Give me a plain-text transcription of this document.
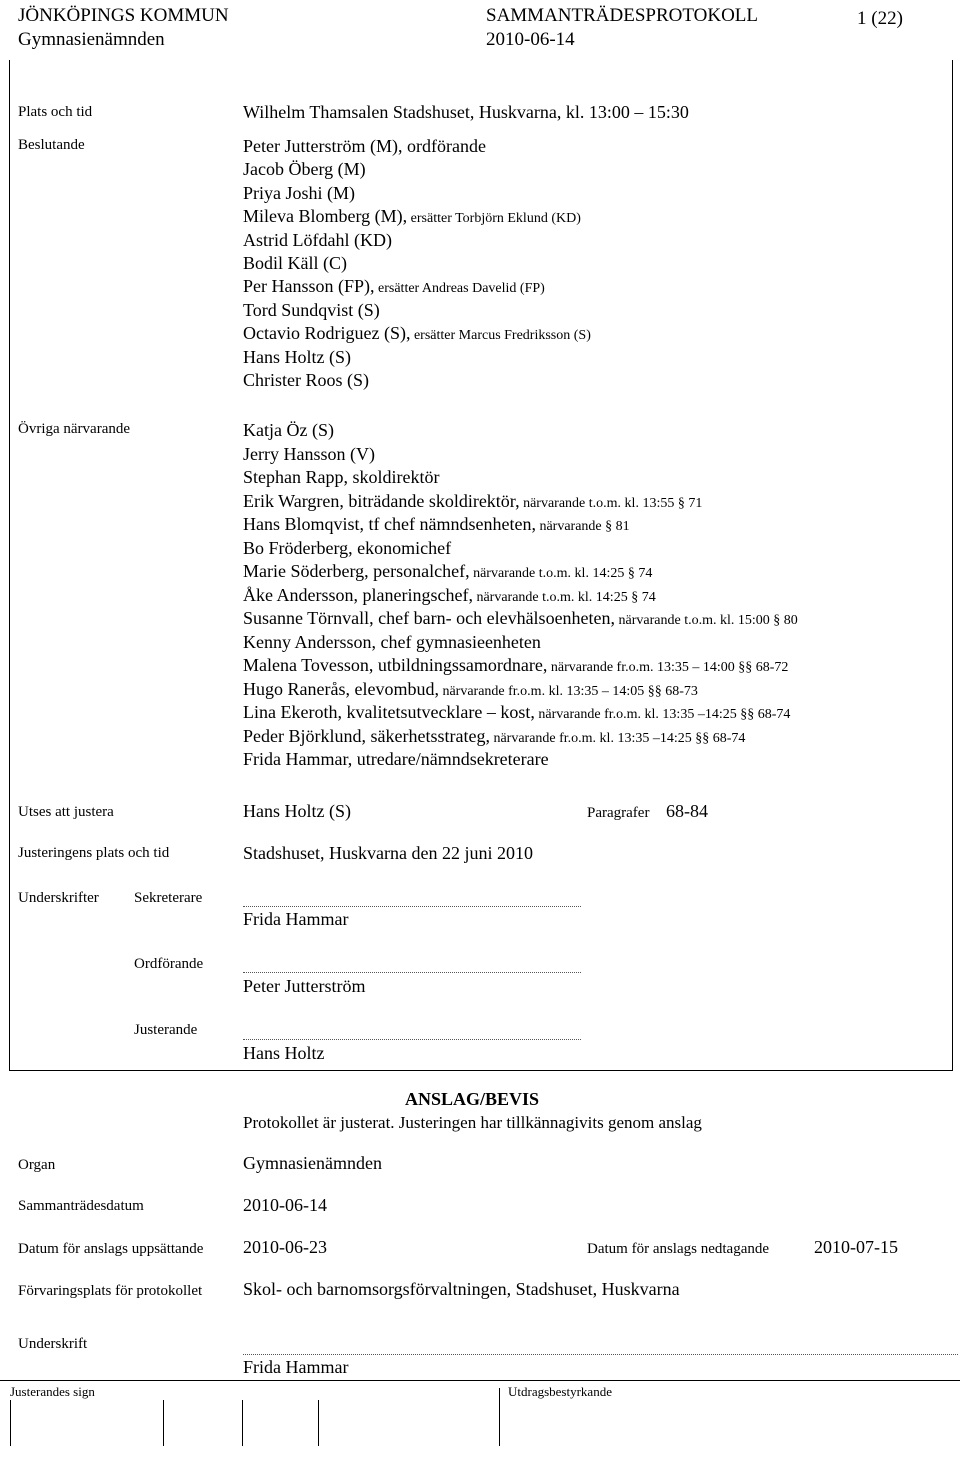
JÖNKÖPINGS KOMMUN
Gymnasienämnden
SAMMANTRÄDESPROTOKOLL
2010-06-14
1 (22)
Plats och tid	Wilhelm Thamsalen Stadshuset, Huskvarna, kl. 13:00 – 15:30
Beslutande	Peter Jutterström (M), ordförande
Jacob Öberg (M)
Priya Joshi (M)
Mileva Blomberg (M), ersätter Torbjörn Eklund (KD)
Astrid Löfdahl (KD)
Bodil Käll (C)
Per Hansson (FP), ersätter Andreas Davelid (FP)
Tord Sundqvist (S)
Octavio Rodriguez (S), ersätter Marcus Fredriksson (S)
Hans Holtz (S)
Christer Roos (S)
Övriga närvarande	Katja Öz (S)
Jerry Hansson (V)
Stephan Rapp, skoldirektör
Erik Wargren, biträdande skoldirektör, närvarande t.o.m. kl. 13:55 § 71
Hans Blomqvist, tf chef nämndsenheten, närvarande § 81
Bo Fröderberg, ekonomichef
Marie Söderberg, personalchef, närvarande t.o.m. kl. 14:25 § 74
Åke Andersson, planeringschef, närvarande t.o.m. kl. 14:25 § 74
Susanne Törnvall, chef barn- och elevhälsoenheten, närvarande t.o.m. kl. 15:00 § 80
Kenny Andersson, chef gymnasieenheten
Malena Tovesson, utbildningssamordnare, närvarande fr.o.m. 13:35 – 14:00 §§ 68-72
Hugo Ranerås, elevombud, närvarande fr.o.m. kl. 13:35 – 14:05 §§ 68-73
Lina Ekeroth, kvalitetsutvecklare – kost, närvarande fr.o.m. kl. 13:35 –14:25 §§ 68-74
Peder Björklund, säkerhetsstrateg, närvarande fr.o.m. kl. 13:35 –14:25 §§ 68-74
Frida Hammar, utredare/nämndsekreterare
Utses att justera	Hans Holtz (S)	Paragrafer 68-84
Justeringens plats och tid	Stadshuset, Huskvarna den 22 juni 2010
Underskrifter Sekreterare
Frida Hammar
Ordförande
Peter Jutterström
Justerande
Hans Holtz
ANSLAG/BEVIS
Protokollet är justerat. Justeringen har tillkännagivits genom anslag
Organ	Gymnasienämnden
Sammanträdesdatum	2010-06-14
Datum för anslags uppsättande 2010-06-23	Datum för anslags nedtagande 2010-07-15
Förvaringsplats för protokollet Skol- och barnomsorgsförvaltningen, Stadshuset, Huskvarna
Underskrift
Frida Hammar
Justerandes sign	Utdragsbestyrkande
